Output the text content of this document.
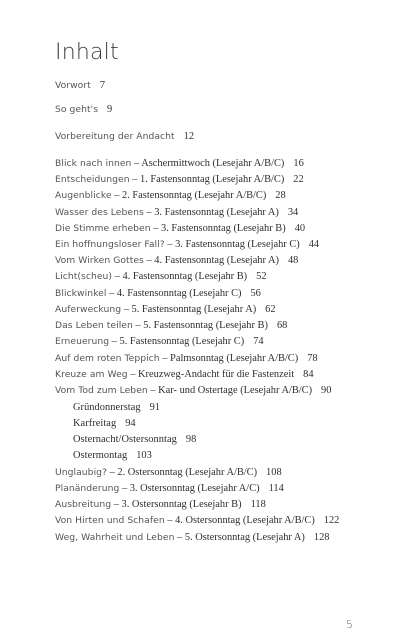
Inhalt
Vorwort 7
So geht's 9
Vorbereitung der Andacht 12
Blick nach innen – Aschermittwoch (Lesejahr A/B/C) 16
Entscheidungen – 1. Fastensonntag (Lesejahr A/B/C) 22
Augenblicke – 2. Fastensonntag (Lesejahr A/B/C) 28
Wasser des Lebens – 3. Fastensonntag (Lesejahr A) 34
Die Stimme erheben – 3. Fastensonntag (Lesejahr B) 40
Ein hoffnungsloser Fall? – 3. Fastensonntag (Lesejahr C) 44
Vom Wirken Gottes – 4. Fastensonntag (Lesejahr A) 48
Licht(scheu) – 4. Fastensonntag (Lesejahr B) 52
Blickwinkel – 4. Fastensonntag (Lesejahr C) 56
Auferweckung – 5. Fastensonntag (Lesejahr A) 62
Das Leben teilen – 5. Fastensonntag (Lesejahr B) 68
Erneuerung – 5. Fastensonntag (Lesejahr C) 74
Auf dem roten Teppich – Palmsonntag (Lesejahr A/B/C) 78
Kreuze am Weg – Kreuzweg-Andacht für die Fastenzeit 84
Vom Tod zum Leben – Kar- und Ostertage (Lesejahr A/B/C) 90
Gründonnerstag 91
Karfreitag 94
Osternacht/Ostersonntag 98
Ostermontag 103
Unglaubig? – 2. Ostersonntag (Lesejahr A/B/C) 108
Planänderung – 3. Ostersonntag (Lesejahr A/C) 114
Ausbreitung – 3. Ostersonntag (Lesejahr B) 118
Von Hirten und Schafen – 4. Ostersonntag (Lesejahr A/B/C) 122
Weg, Wahrheit und Leben – 5. Ostersonntag (Lesejahr A) 128
5
